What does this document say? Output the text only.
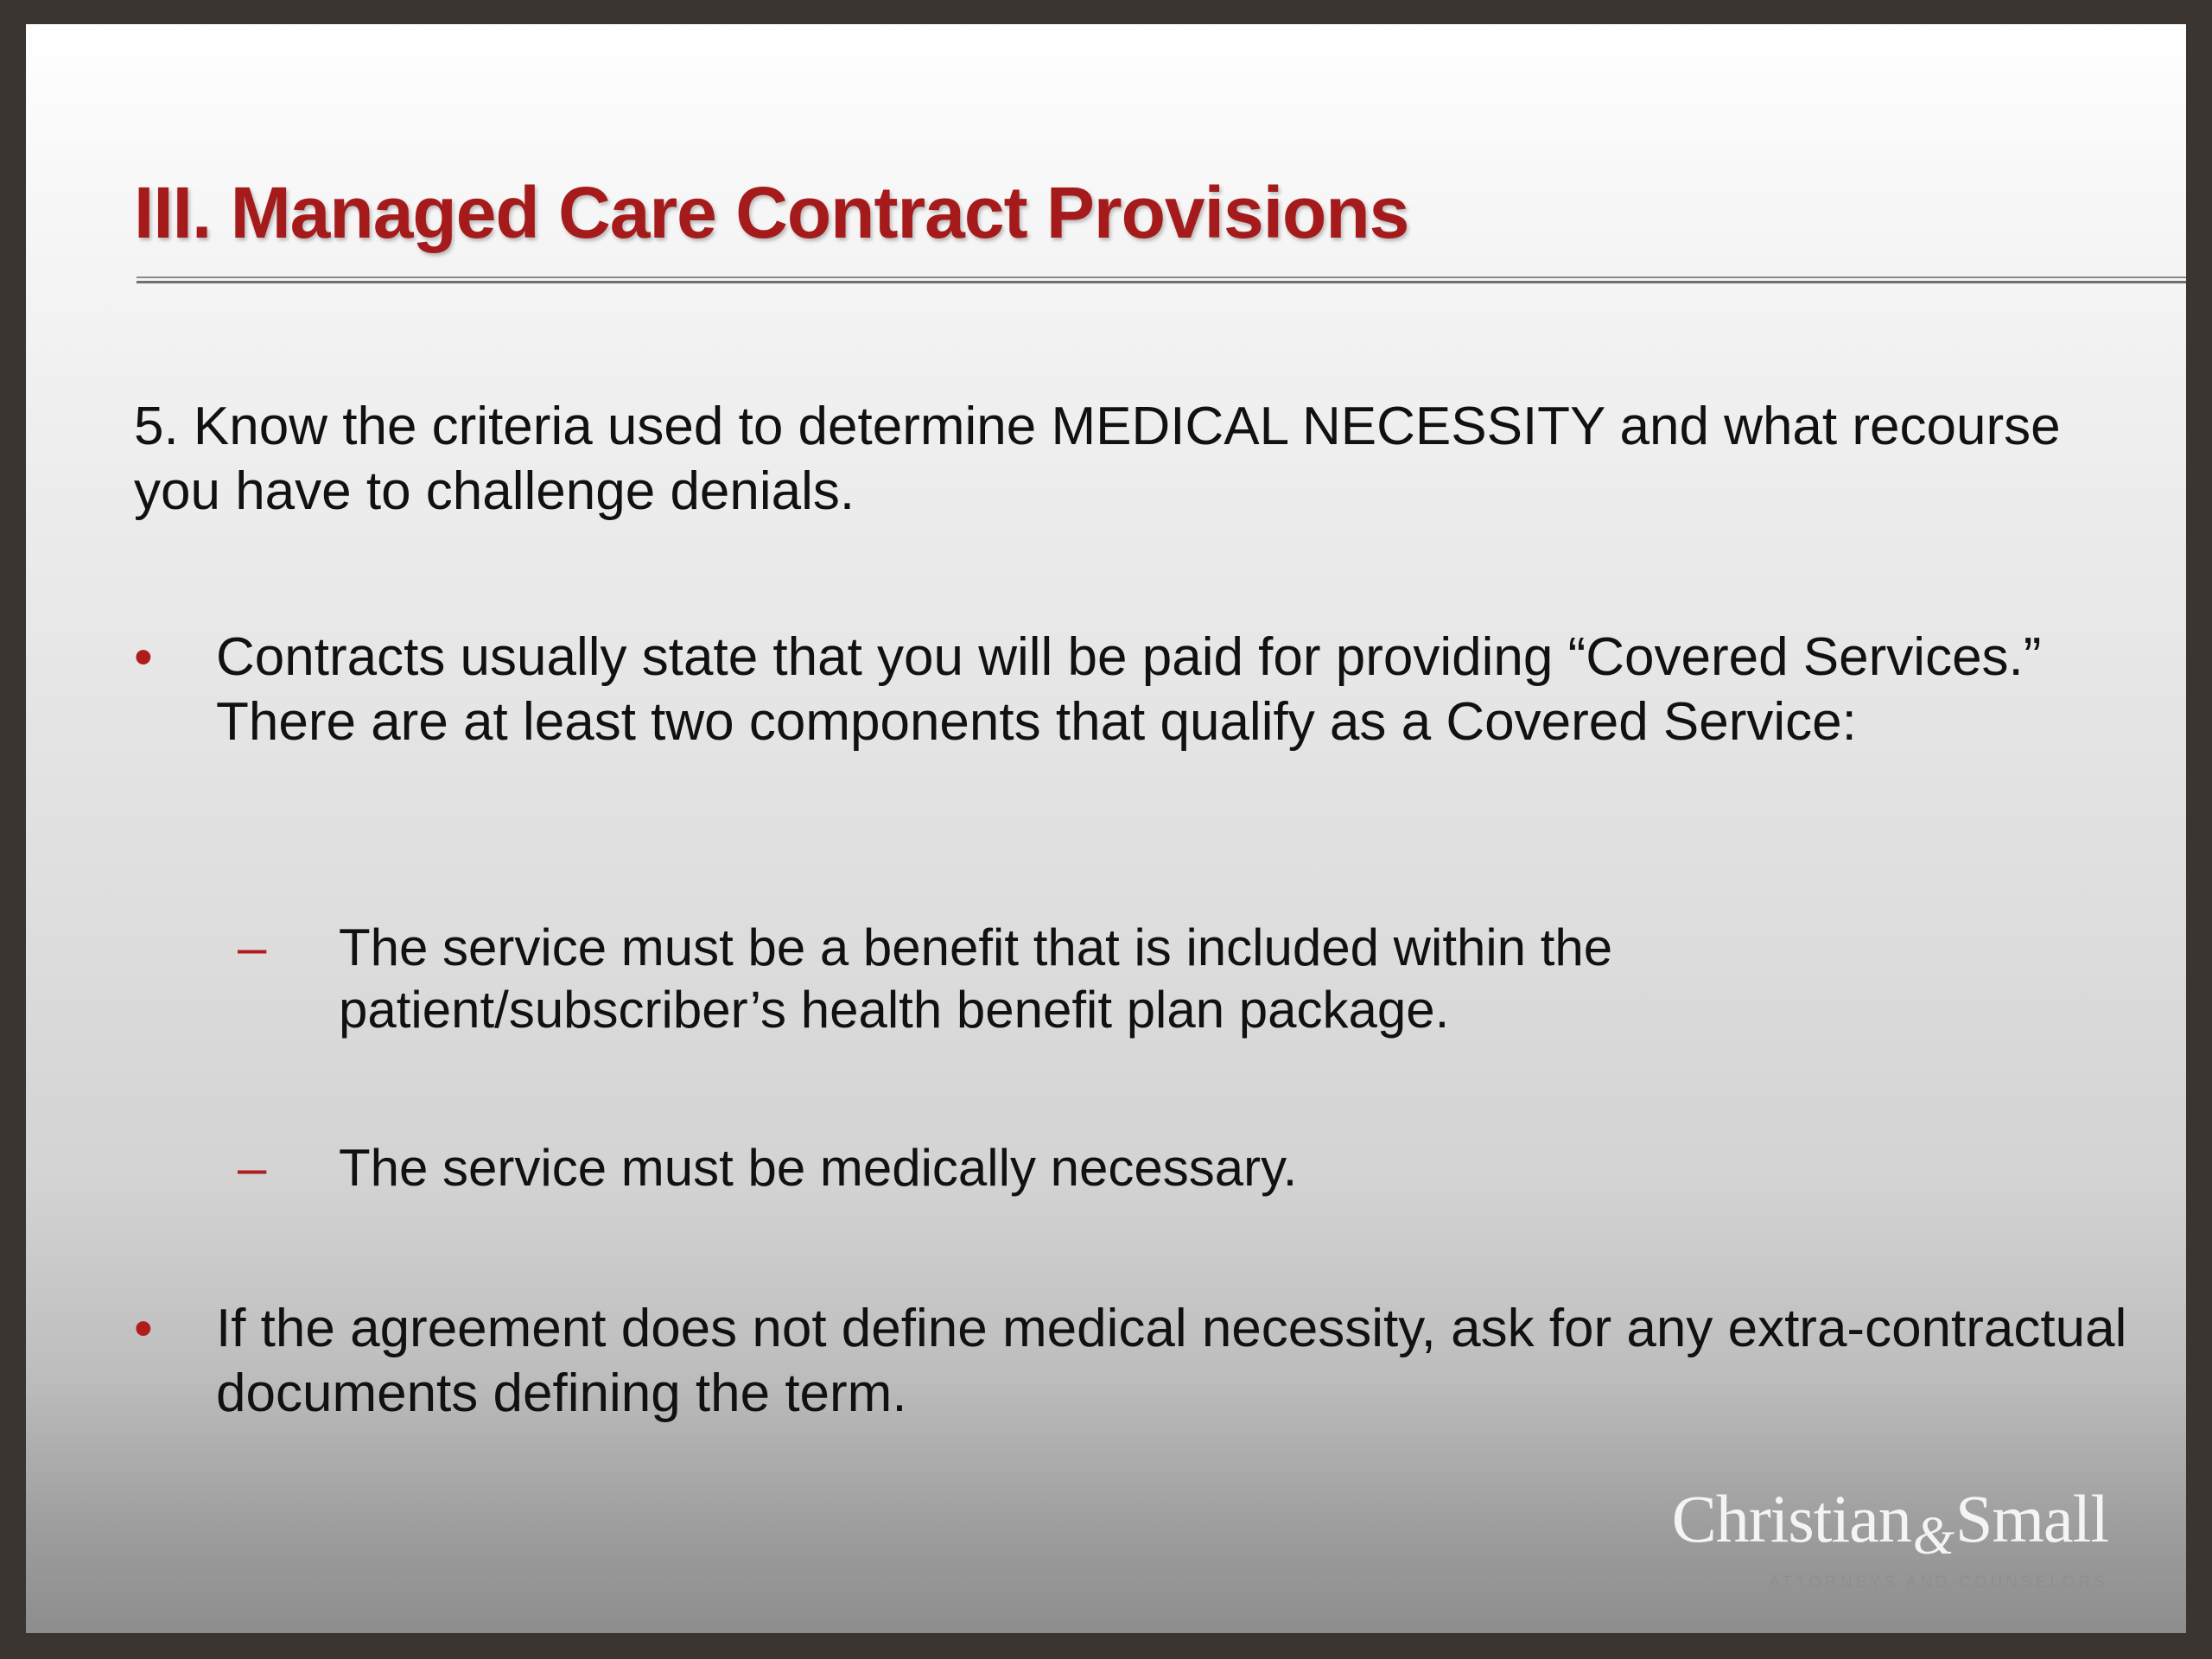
III. Managed Care Contract Provisions

5. Know the criteria used to determine MEDICAL NECESSITY and what recourse you have to challenge denials.

•	Contracts usually state that you will be paid for providing “Covered Services.” There are at least two components that qualify as a Covered Service:
–	The service must be a benefit that is included within the patient/subscriber’s health benefit plan package.
–	The service must be medically necessary.
•	If the agreement does not define medical necessity, ask for any extra-contractual documents defining the term.
Christian&Small
ATTORNEYS AND COUNSELORS
